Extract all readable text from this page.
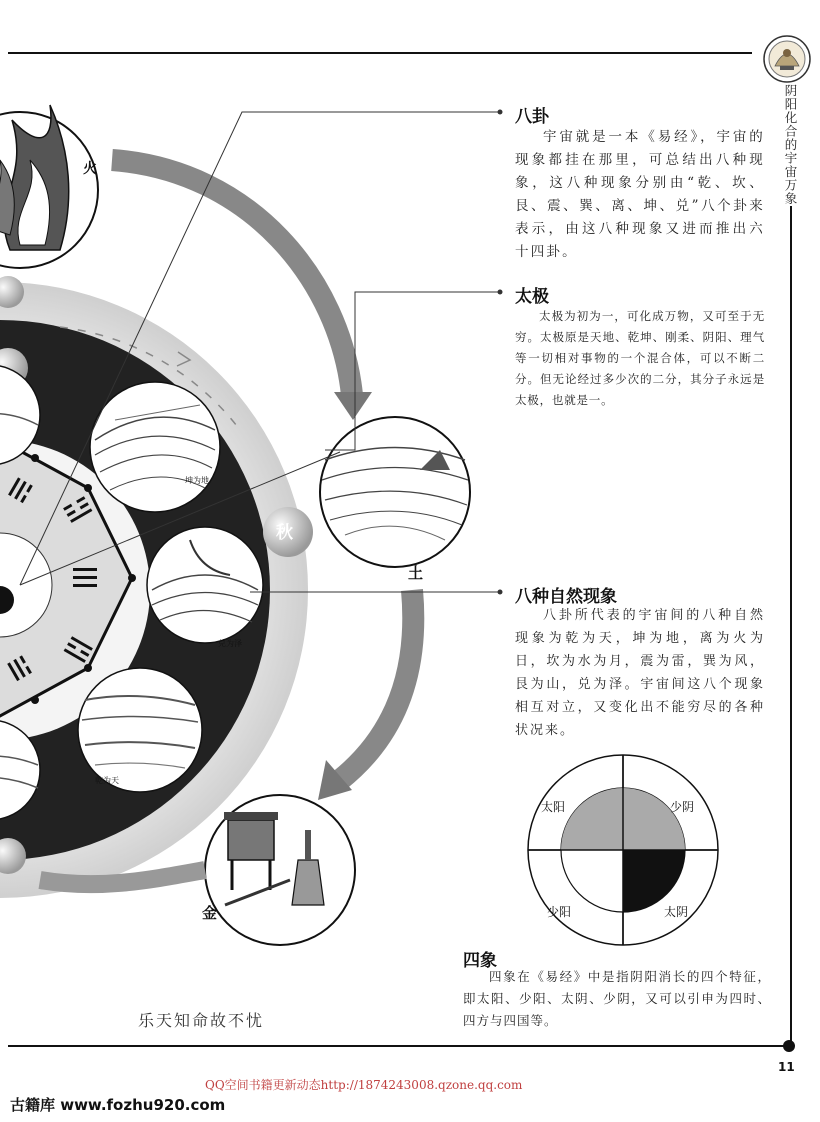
阴阳化合的宇宙万象
11
火
秋
土
金
坤为地
兑为泽
乾为天
乐天知命故不忧
八卦
宇宙就是一本《易经》，宇宙的现象都挂在那里，可总结出八种现象，这八种现象分别由“乾、坎、艮、震、巽、离、坤、兑”八个卦来表示，由这八种现象又进而推出六十四卦。
太极
太极为初为一，可化成万物，又可至于无穷。太极原是天地、乾坤、刚柔、阴阳、理气等一切相对事物的一个混合体，可以不断二分。但无论经过多少次的二分，其分子永远是太极，也就是一。
八种自然现象
八卦所代表的宇宙间的八种自然现象为乾为天，坤为地，离为火为日，坎为水为月，震为雷，巽为风，艮为山，兑为泽。宇宙间这八个现象相互对立，又变化出不能穷尽的各种状况来。
太阳	少阴
少阳	太阴
四象
四象在《易经》中是指阴阳消长的四个特征，即太阳、少阳、太阴、少阴，又可以引申为四时、四方与四国等。
QQ空间书籍更新动态http://1874243008.qzone.qq.com
古籍库 www.fozhu920.com
